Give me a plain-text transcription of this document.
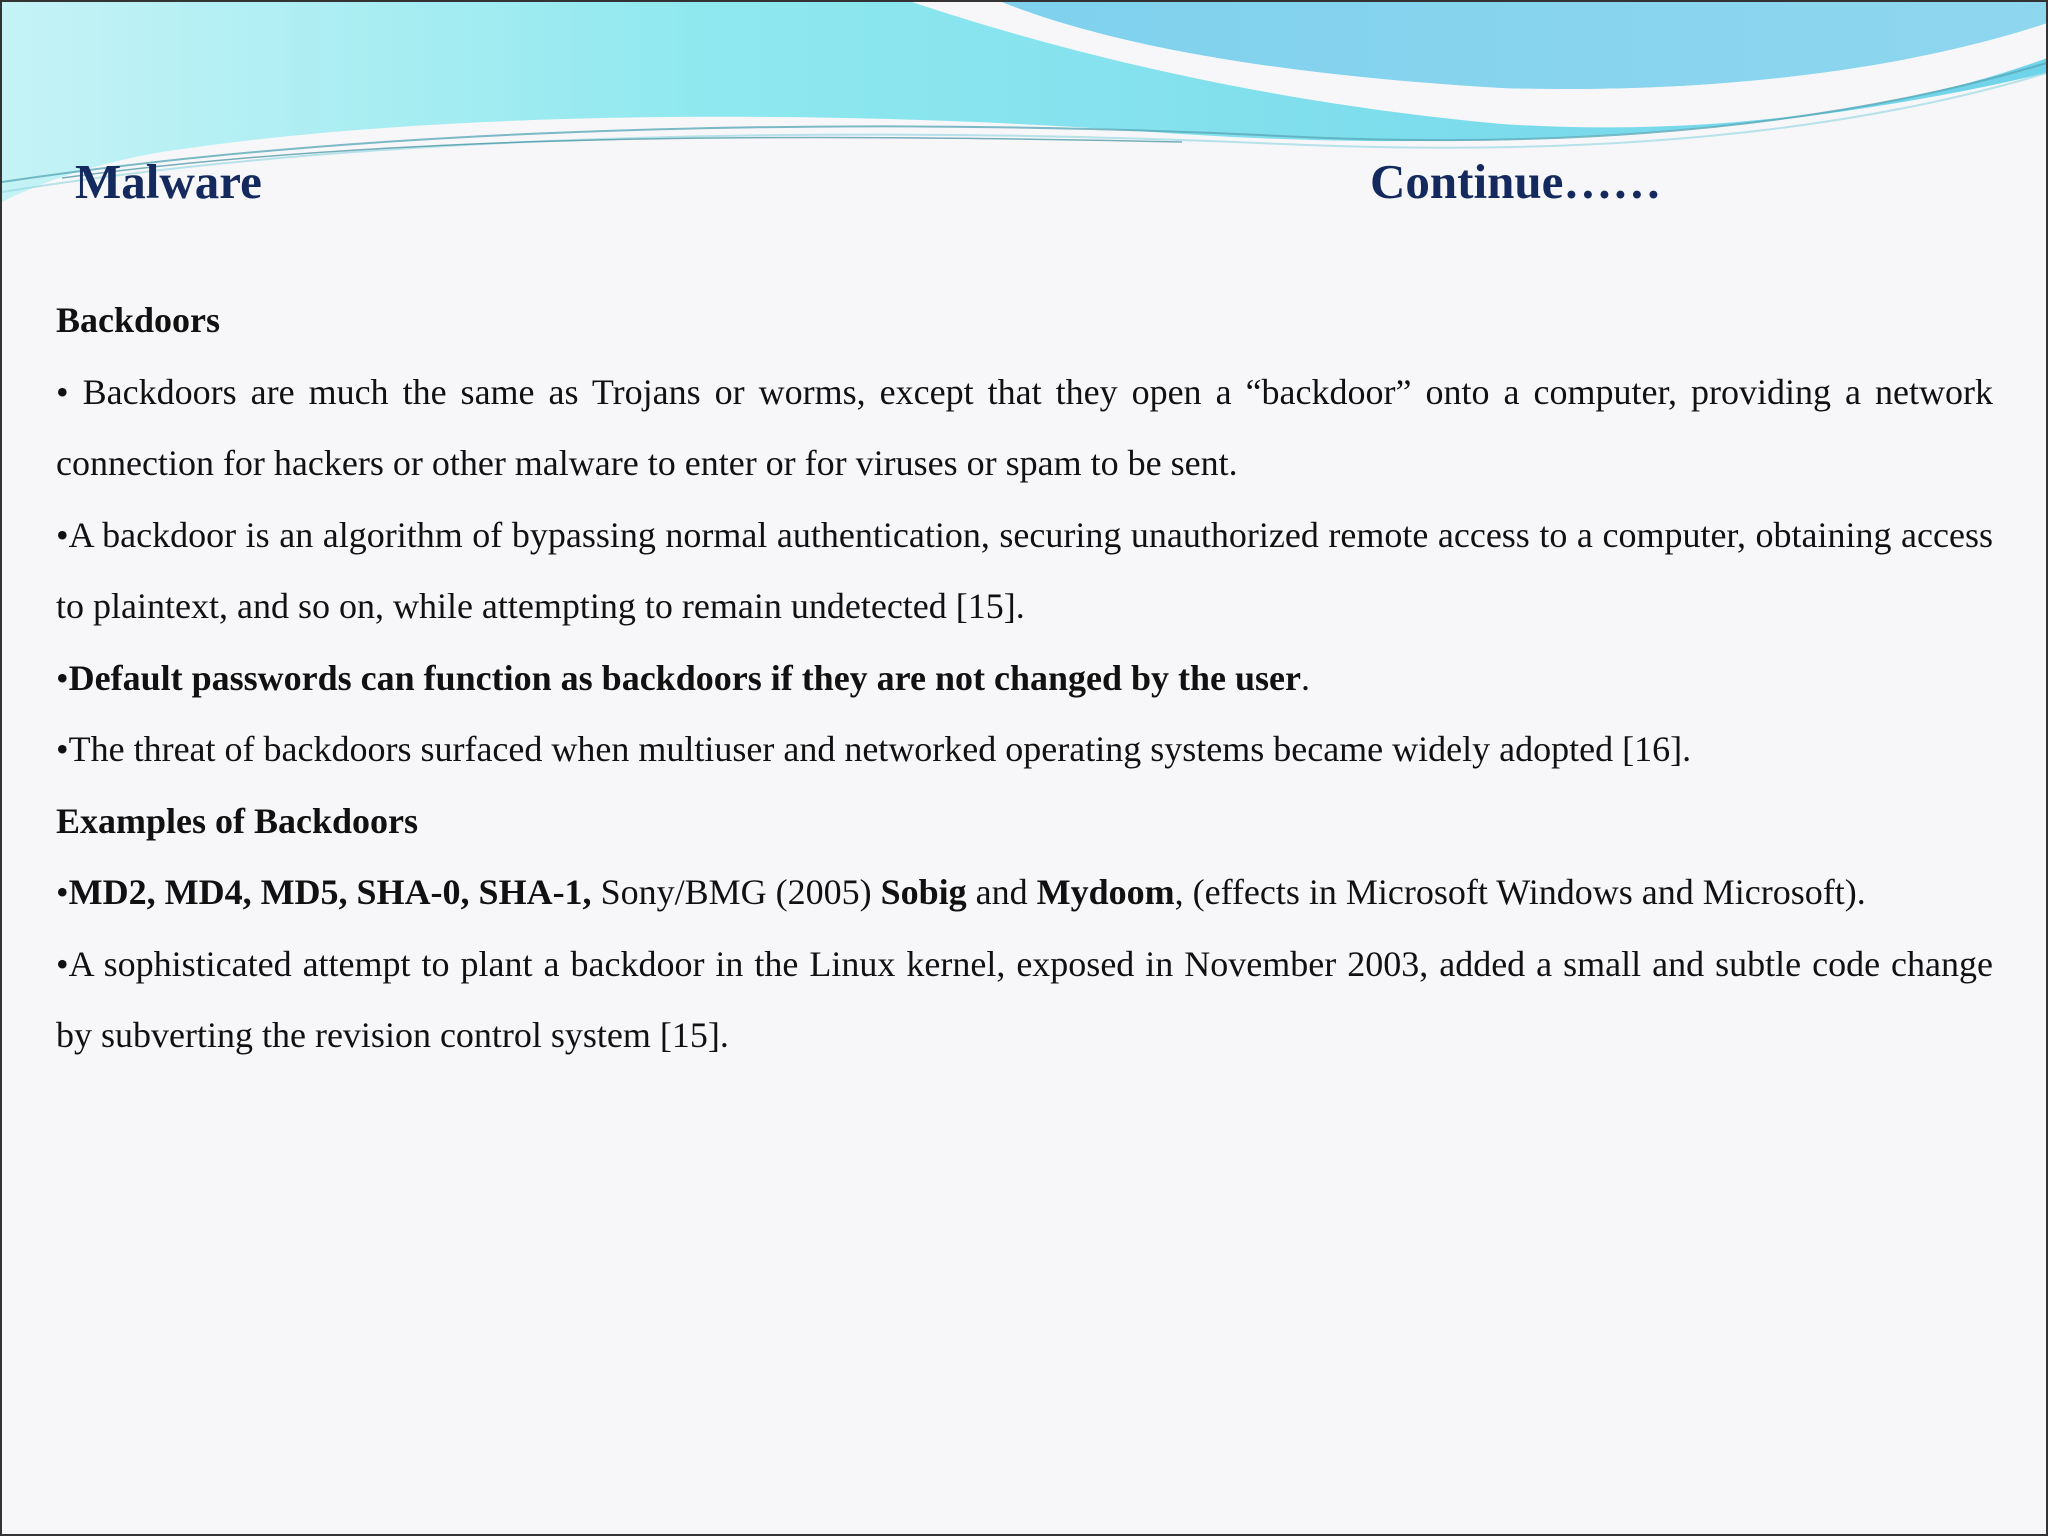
Malware	Continue……

Backdoors

• Backdoors are much the same as Trojans or worms, except that they open a “backdoor” onto a computer, providing a network connection for hackers or other malware to enter or for viruses or spam to be sent.

•A backdoor is an algorithm of bypassing normal authentication, securing unauthorized remote access to a computer, obtaining access to plaintext, and so on, while attempting to remain undetected [15].

•Default passwords can function as backdoors if they are not changed by the user.

•The threat of backdoors surfaced when multiuser and networked operating systems became widely adopted [16].

Examples of Backdoors

•MD2, MD4, MD5, SHA-0, SHA-1, Sony/BMG (2005) Sobig and Mydoom, (effects in Microsoft Windows and Microsoft).

•A sophisticated attempt to plant a backdoor in the Linux kernel, exposed in November 2003, added a small and subtle code change by subverting the revision control system [15].
